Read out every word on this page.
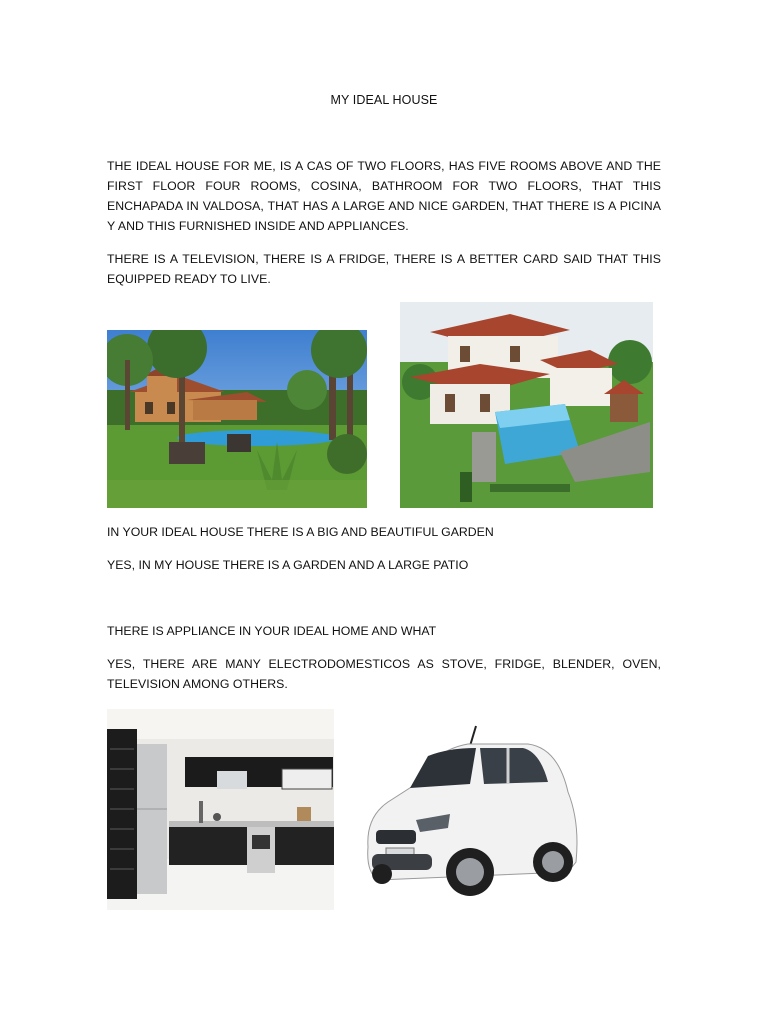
MY IDEAL HOUSE

THE IDEAL HOUSE FOR ME, IS A CAS OF TWO FLOORS, HAS FIVE ROOMS ABOVE AND THE FIRST FLOOR FOUR ROOMS, COSINA, BATHROOM FOR TWO FLOORS, THAT THIS ENCHAPADA IN VALDOSA, THAT HAS A LARGE AND NICE GARDEN, THAT THERE IS A PICINA Y AND THIS FURNISHED INSIDE AND APPLIANCES.

THERE IS A TELEVISION, THERE IS A FRIDGE, THERE IS A BETTER CARD SAID THAT THIS EQUIPPED READY TO LIVE.

IN YOUR IDEAL HOUSE THERE IS A BIG AND BEAUTIFUL GARDEN

YES, IN MY HOUSE THERE IS A GARDEN AND A LARGE PATIO

THERE IS APPLIANCE IN YOUR IDEAL HOME AND WHAT

YES, THERE ARE MANY ELECTRODOMESTICOS AS STOVE, FRIDGE, BLENDER, OVEN, TELEVISION AMONG OTHERS.
